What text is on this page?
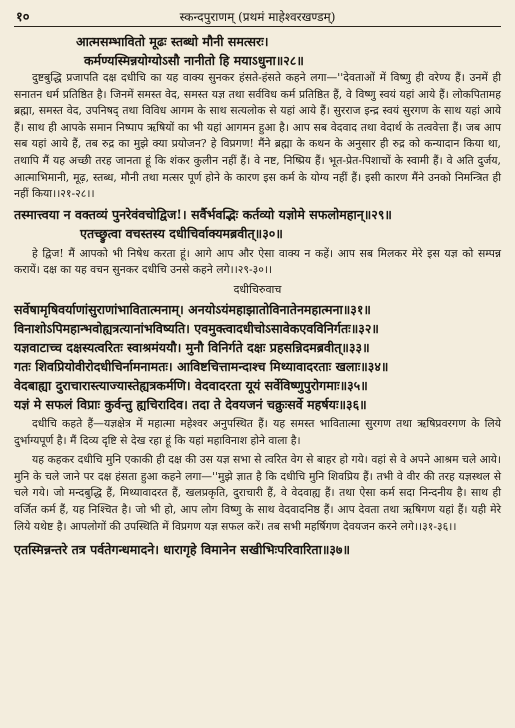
१०	स्कन्दपुराणम् (प्रथमं माहेश्वरखण्डम्)
आत्मसम्भावितो मूढः स्तब्धो मौनी समत्सरः।
कर्मण्यस्मिन्नयोग्योऽसौ नानीतो हि मयाऽधुना॥२८॥

दुष्टबुद्धि प्रजापति दक्ष दधीचि का यह वाक्य सुनकर हंसते-हंसते कहने लगा—''देवताओं में विष्णु ही वरेण्य हैं। उनमें ही सनातन धर्म प्रतिष्ठित है। जिनमें समस्त वेद, समस्त यज्ञ तथा सर्वविध कर्म प्रतिष्ठित हैं, वे विष्णु स्वयं यहां आये हैं। लोकपितामह ब्रह्मा, समस्त वेद, उपनिषद् तथा विविध आगम के साथ सत्यलोक से यहां आये हैं। सुरराज इन्द्र स्वयं सुरगण के साथ यहां आये हैं। साथ ही आपके समान निष्पाप ऋषियों का भी यहां आगमन हुआ है। आप सब वेदवाद तथा वेदार्थ के तत्ववेत्ता हैं। जब आप सब यहां आये हैं, तब रुद्र का मुझे क्या प्रयोजन? हे विप्रगण! मैंने ब्रह्मा के कथन के अनुसार ही रुद्र को कन्यादान किया था, तथापि मैं यह अच्छी तरह जानता हूं कि शंकर कुलीन नहीं हैं। वे नष्ट, निष्प्रिय हैं। भूत-प्रेत-पिशाचों के स्वामी हैं। वे अति दुर्जय, आत्माभिमानी, मूढ़, स्तब्ध, मौनी तथा मत्सर पूर्ण होने के कारण इस कर्म के योग्य नहीं हैं। इसी कारण मैंने उनको निमन्त्रित ही नहीं किया।।२१-२८।।

तस्मात्त्वया न वक्तव्यं पुनरेवंवचोद्विज!। सर्वैर्भवद्भिः कर्तव्यो यज्ञोमे सफलोमहान्॥२९॥
एतच्छ्रुत्वा वचस्तस्य दधीचिर्वाक्यमब्रवीत्॥३०॥

हे द्विज! मैं आपको भी निषेध करता हूं। आगे आप और ऐसा वाक्य न कहें। आप सब मिलकर मेरे इस यज्ञ को सम्पन्न करायें। दक्ष का यह वचन सुनकर दधीचि उनसे कहने लगे।।२९-३०।।

दधीचिरुवाच
सर्वेषामृषिवर्याणांसुराणांभावितात्मनाम्। अनयोऽयंमहाझातोविनातेनमहात्मना॥३१॥
विनाशोऽपिमहान्भवोह्यत्रत्यानांभविष्यति। एवमुक्त्वादधीचोऽसावेकएवविनिर्गतः॥३२॥
यज्ञवाटाच्च दक्षस्यत्वरितः स्वाश्रमंययौ। मुनौ विनिर्गते दक्षः प्रहसन्निदमब्रवीत्॥३३॥
गतः शिवप्रियोवीरोदधीचिर्नामनामतः। आविष्टचित्तामन्दाश्च मिथ्यावादरताः खलाः॥३४॥
वेदबाह्या दुराचारास्त्याज्यास्तेह्यत्रकर्मणि। वेदवादरता यूयं सर्वेविष्णुपुरोगमाः॥३५॥
यज्ञं मे सफलं विप्राः कुर्वन्तु ह्यचिरादिव। तदा ते देवयजनं चक्रुःसर्वे महर्षयः॥३६॥

दधीचि कहते हैं—यज्ञक्षेत्र में महात्मा महेश्वर अनुपस्थित हैं। यह समस्त भावितात्मा सुरगण तथा ऋषिप्रवरगण के लिये दुर्भाग्यपूर्ण है। मैं दिव्य दृष्टि से देख रहा हूं कि यहां महाविनाश होने वाला है।

यह कहकर दधीचि मुनि एकाकी ही दक्ष की उस यज्ञ सभा से त्वरित वेग से बाहर हो गये। वहां से वे अपने आश्रम चले आये। मुनि के चले जाने पर दक्ष हंसता हुआ कहने लगा—''मुझे ज्ञात है कि दधीचि मुनि शिवप्रिय हैं। तभी वे वीर की तरह यज्ञस्थल से चले गये। जो मन्दबुद्धि हैं, मिथ्यावादरत हैं, खलप्रकृति, दुराचारी हैं, वे वेदवाह्य हैं। तथा ऐसा कर्म सदा निन्दनीय है। साथ ही वर्जित कर्म हैं, यह निश्चित है। जो भी हो, आप लोग विष्णु के साथ वेदवादनिष्ठ हैं। आप देवता तथा ऋषिगण यहां हैं। यही मेरे लिये यथेष्ट है। आपलोगों की उपस्थिति में विप्रगण यज्ञ सफल करें। तब सभी महर्षिगण देवयजन करने लगे।।३१-३६।।

एतस्मिन्नन्तरे तत्र पर्वतेगन्धमादने। धारागृहे विमानेन सखीभिःपरिवारिता॥३७॥
